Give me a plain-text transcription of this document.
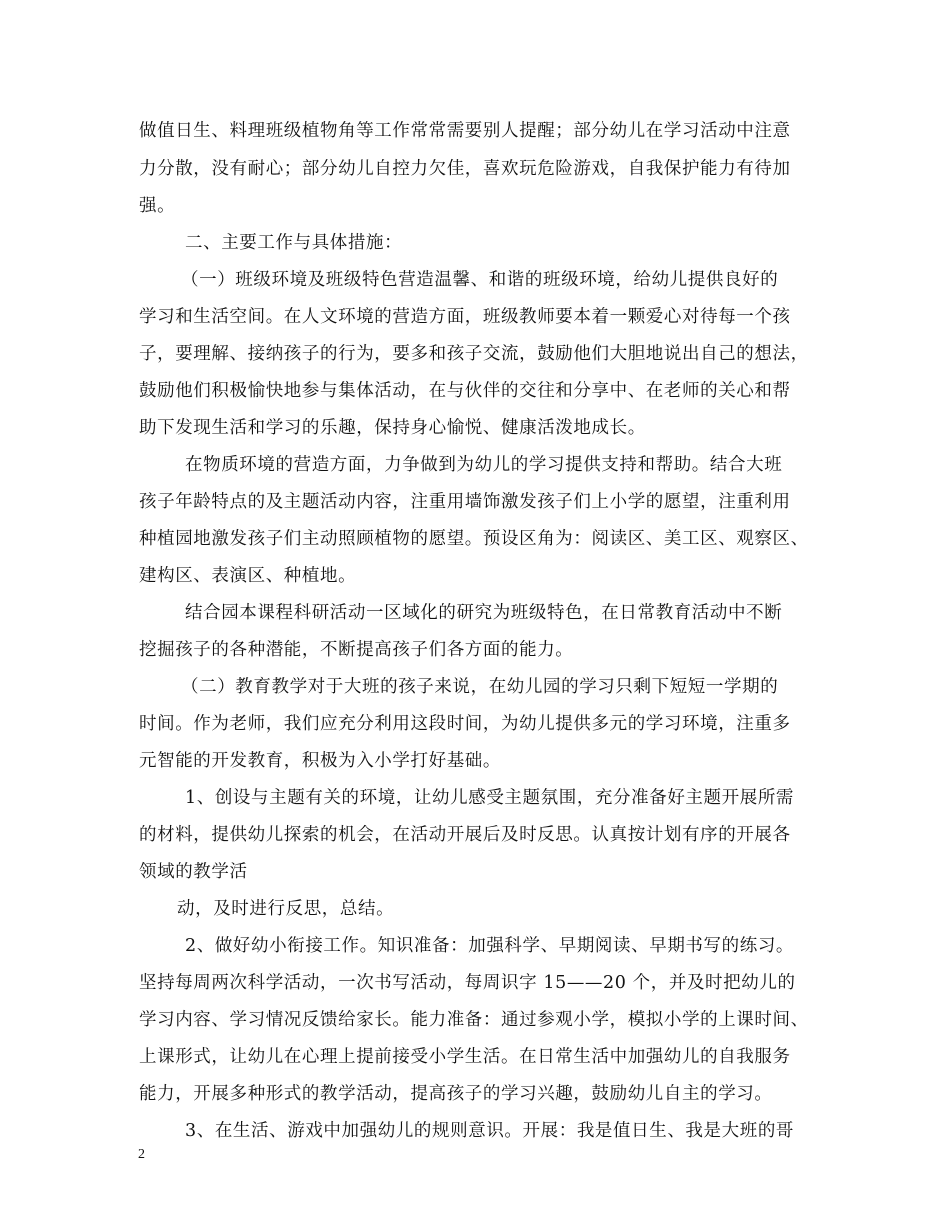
做值日生、料理班级植物角等工作常常需要别人提醒；部分幼儿在学习活动中注意
力分散，没有耐心；部分幼儿自控力欠佳，喜欢玩危险游戏，自我保护能力有待加
强。
二、主要工作与具体措施：
（一）班级环境及班级特色营造温馨、和谐的班级环境，给幼儿提供良好的
学习和生活空间。在人文环境的营造方面，班级教师要本着一颗爱心对待每一个孩
子，要理解、接纳孩子的行为，要多和孩子交流，鼓励他们大胆地说出自己的想法，
鼓励他们积极愉快地参与集体活动，在与伙伴的交往和分享中、在老师的关心和帮
助下发现生活和学习的乐趣，保持身心愉悦、健康活泼地成长。
在物质环境的营造方面，力争做到为幼儿的学习提供支持和帮助。结合大班
孩子年龄特点的及主题活动内容，注重用墙饰激发孩子们上小学的愿望，注重利用
种植园地激发孩子们主动照顾植物的愿望。预设区角为：阅读区、美工区、观察区、
建构区、表演区、种植地。
结合园本课程科研活动一区域化的研究为班级特色，在日常教育活动中不断
挖掘孩子的各种潜能，不断提高孩子们各方面的能力。
（二）教育教学对于大班的孩子来说，在幼儿园的学习只剩下短短一学期的
时间。作为老师，我们应充分利用这段时间，为幼儿提供多元的学习环境，注重多
元智能的开发教育，积极为入小学打好基础。
1、创设与主题有关的环境，让幼儿感受主题氛围，充分准备好主题开展所需
的材料，提供幼儿探索的机会，在活动开展后及时反思。认真按计划有序的开展各
领域的教学活
动，及时进行反思，总结。
2、做好幼小衔接工作。知识准备：加强科学、早期阅读、早期书写的练习。
坚持每周两次科学活动，一次书写活动，每周识字 15——20 个，并及时把幼儿的
学习内容、学习情况反馈给家长。能力准备：通过参观小学，模拟小学的上课时间、
上课形式，让幼儿在心理上提前接受小学生活。在日常生活中加强幼儿的自我服务
能力，开展多种形式的教学活动，提高孩子的学习兴趣，鼓励幼儿自主的学习。
3、在生活、游戏中加强幼儿的规则意识。开展：我是值日生、我是大班的哥
2
